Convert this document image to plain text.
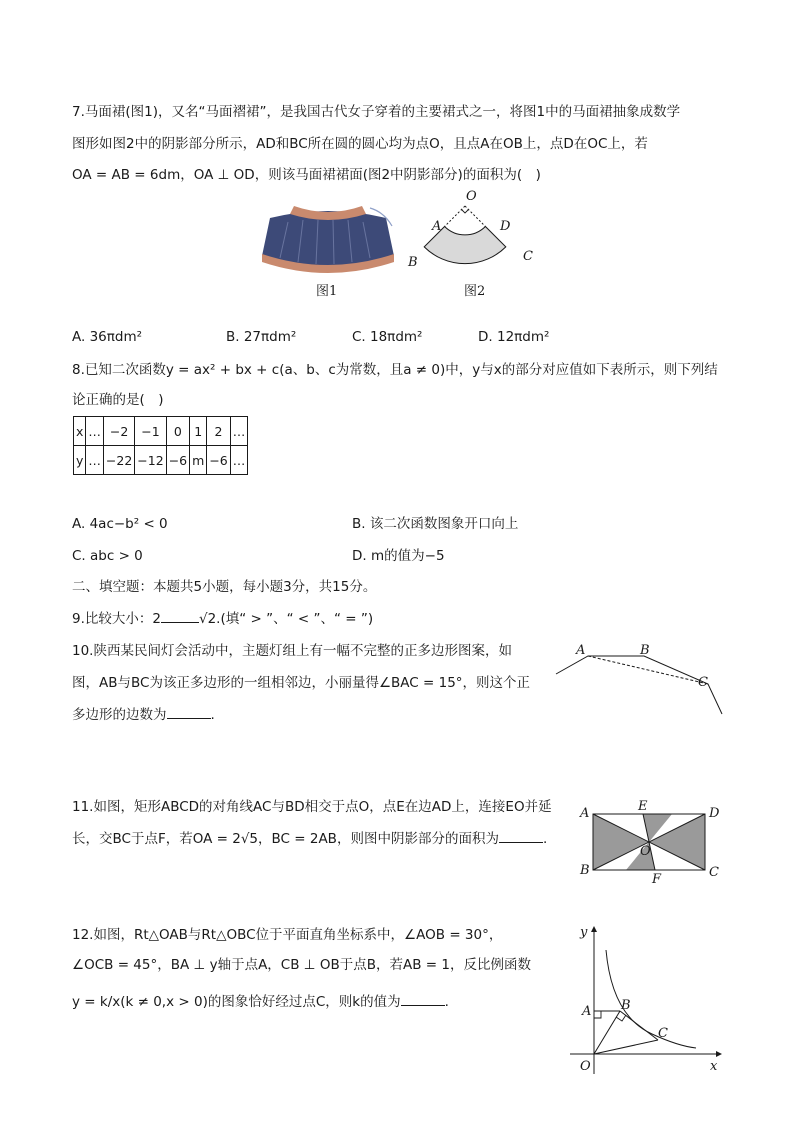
7.马面裙(图1)，又名“马面褶裙”，是我国古代女子穿着的主要裙式之一，将图1中的马面裙抽象成数学
图形如图2中的阴影部分所示，AD和BC所在圆的圆心均为点O，且点A在OB上，点D在OC上，若
OA = AB = 6dm，OA ⊥ OD，则该马面裙裙面(图2中阴影部分)的面积为(　)
图1
O
A	D
B	C
图2
A. 36πdm²	B. 27πdm²	C. 18πdm²	D. 12πdm²
8.已知二次函数y = ax² + bx + c(a、b、c为常数，且a ≠ 0)中，y与x的部分对应值如下表所示，则下列结
论正确的是(　)
x	…	−2	−1	0	1	2	…
y	…	−22	−12	−6	m	−6	…
A. 4ac−b² < 0	B. 该二次函数图象开口向上
C. abc > 0	D. m的值为−5
二、填空题：本题共5小题，每小题3分，共15分。
9.比较大小：2	√2.(填“ > ”、“ < ”、“ = ”)
10.陕西某民间灯会活动中，主题灯组上有一幅不完整的正多边形图案，如
图，AB与BC为该正多边形的一组相邻边，小丽量得∠BAC = 15°，则这个正
多边形的边数为	.
A	B
C
11.如图，矩形ABCD的对角线AC与BD相交于点O，点E在边AD上，连接EO并延
长，交BC于点F，若OA = 2√5，BC = 2AB，则图中阴影部分的面积为	.
A	E	D
O
B
F	C
12.如图，Rt△OAB与Rt△OBC位于平面直角坐标系中，∠AOB = 30°，
∠OCB = 45°，BA ⊥ y轴于点A，CB ⊥ OB于点B，若AB = 1，反比例函数
y = k/x(k ≠ 0,x > 0)的图象恰好经过点C，则k的值为	.
y
x
O
A B
C
